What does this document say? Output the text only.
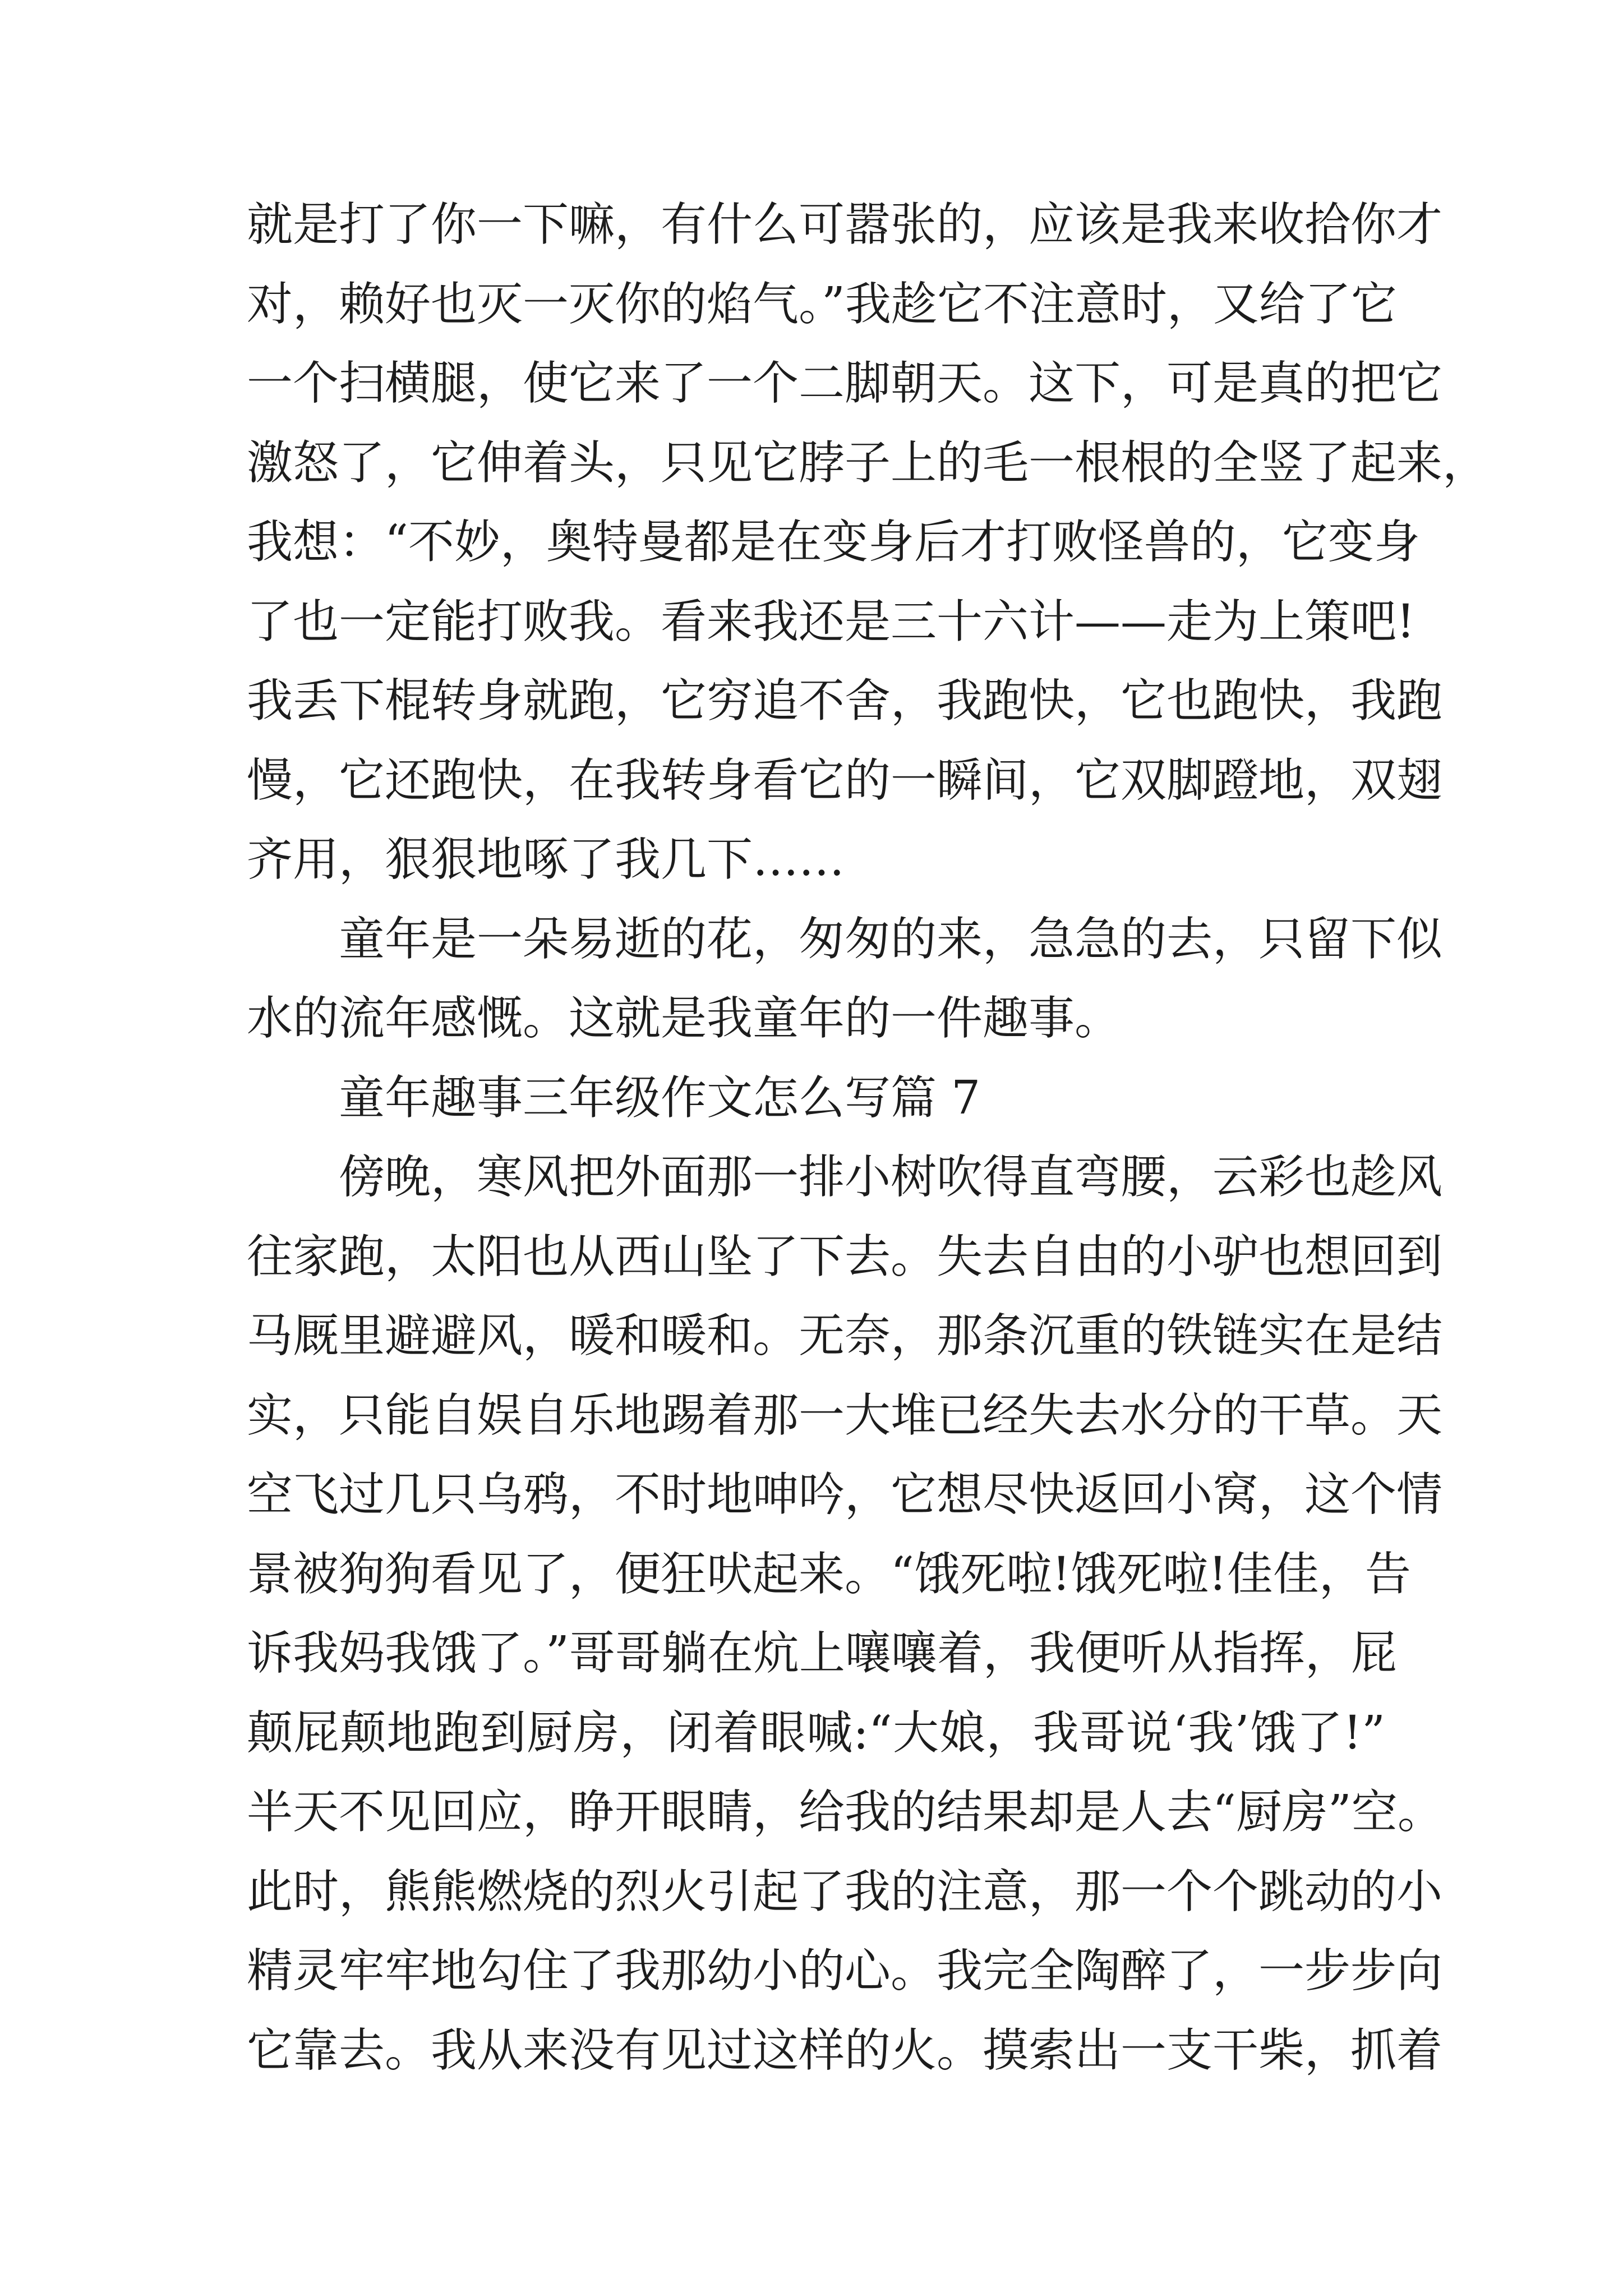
就是打了你一下嘛，有什么可嚣张的，应该是我来收拾你才
对，赖好也灭一灭你的焰气。”我趁它不注意时，又给了它
一个扫横腿，使它来了一个二脚朝天。这下，可是真的把它
激怒了，它伸着头，只见它脖子上的毛一根根的全竖了起来，
我想：“不妙，奥特曼都是在变身后才打败怪兽的，它变身
了也一定能打败我。看来我还是三十六计——走为上策吧!
我丢下棍转身就跑，它穷追不舍，我跑快，它也跑快，我跑
慢，它还跑快，在我转身看它的一瞬间，它双脚蹬地，双翅
齐用，狠狠地啄了我几下……
童年是一朵易逝的花，匆匆的来，急急的去，只留下似
水的流年感慨。这就是我童年的一件趣事。
童年趣事三年级作文怎么写篇 7
傍晚，寒风把外面那一排小树吹得直弯腰，云彩也趁风
往家跑，太阳也从西山坠了下去。失去自由的小驴也想回到
马厩里避避风，暖和暖和。无奈，那条沉重的铁链实在是结
实，只能自娱自乐地踢着那一大堆已经失去水分的干草。天
空飞过几只乌鸦，不时地呻吟，它想尽快返回小窝，这个情
景被狗狗看见了，便狂吠起来。“饿死啦!饿死啦!佳佳，告
诉我妈我饿了。”哥哥躺在炕上嚷嚷着，我便听从指挥，屁
颠屁颠地跑到厨房，闭着眼喊:“大娘，我哥说‘我’饿了!”
半天不见回应，睁开眼睛，给我的结果却是人去“厨房”空。
此时，熊熊燃烧的烈火引起了我的注意，那一个个跳动的小
精灵牢牢地勾住了我那幼小的心。我完全陶醉了，一步步向
它靠去。我从来没有见过这样的火。摸索出一支干柴，抓着
